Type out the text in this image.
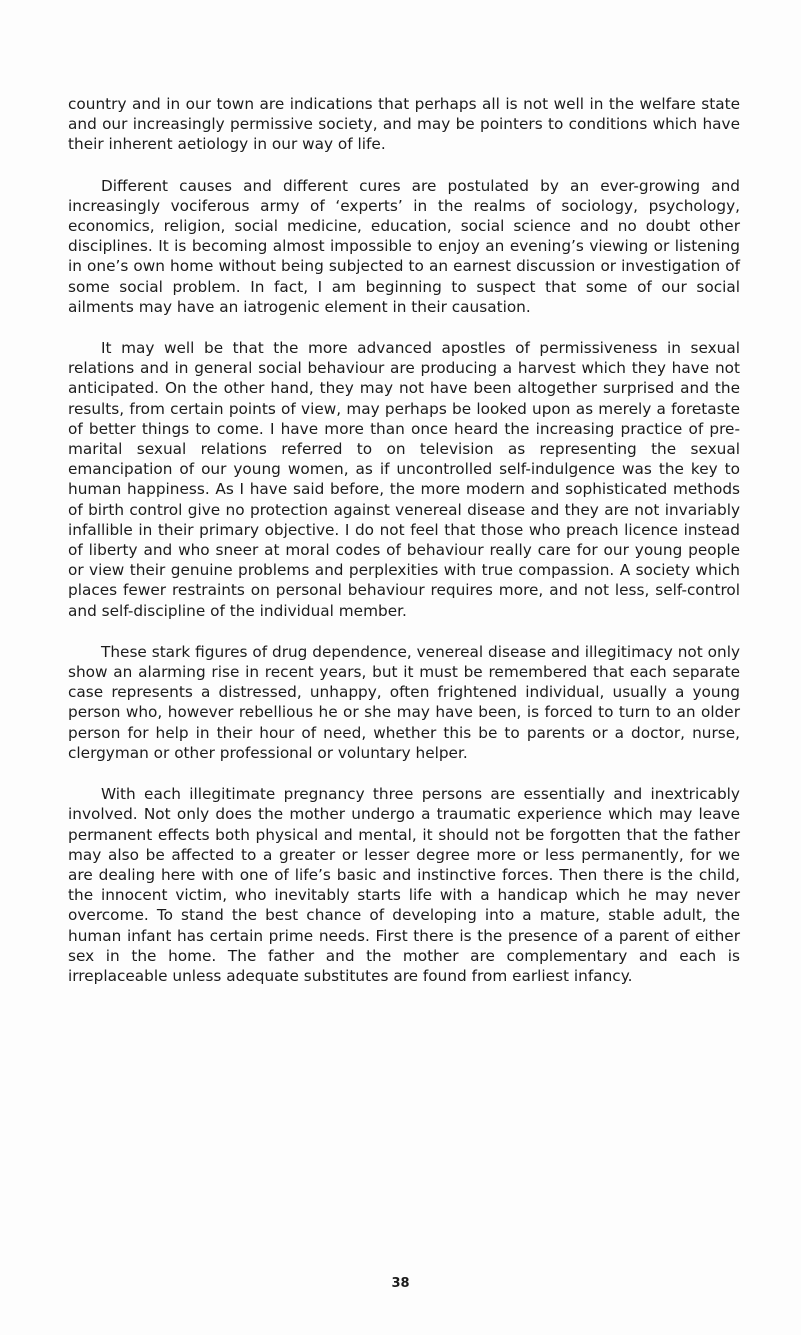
country and in our town are indications that perhaps all is not well in the welfare state and our increasingly permissive society, and may be pointers to conditions which have their inherent aetiology in our way of life.

Different causes and different cures are postulated by an ever-growing and increasingly vociferous army of ‘experts’ in the realms of sociology, psychology, economics, religion, social medicine, education, social science and no doubt other disciplines. It is becoming almost impossible to enjoy an evening’s viewing or listening in one’s own home without being subjected to an earnest discussion or investigation of some social problem. In fact, I am beginning to suspect that some of our social ailments may have an iatrogenic element in their causation.

It may well be that the more advanced apostles of permissiveness in sexual relations and in general social behaviour are producing a harvest which they have not anticipated. On the other hand, they may not have been altogether surprised and the results, from certain points of view, may perhaps be looked upon as merely a foretaste of better things to come. I have more than once heard the increasing practice of pre-marital sexual relations referred to on television as representing the sexual emancipation of our young women, as if uncontrolled self-indulgence was the key to human happiness. As I have said before, the more modern and sophisticated methods of birth control give no protection against venereal disease and they are not invariably infallible in their primary objective. I do not feel that those who preach licence instead of liberty and who sneer at moral codes of behaviour really care for our young people or view their genuine problems and perplexities with true compassion. A society which places fewer restraints on personal behaviour requires more, and not less, self-control and self-discipline of the individual member.

These stark figures of drug dependence, venereal disease and illegitimacy not only show an alarming rise in recent years, but it must be remembered that each separate case represents a distressed, unhappy, often frightened individual, usually a young person who, however rebellious he or she may have been, is forced to turn to an older person for help in their hour of need, whether this be to parents or a doctor, nurse, clergyman or other professional or voluntary helper.

With each illegitimate pregnancy three persons are essentially and inextricably involved. Not only does the mother undergo a traumatic experience which may leave permanent effects both physical and mental, it should not be forgotten that the father may also be affected to a greater or lesser degree more or less permanently, for we are dealing here with one of life’s basic and instinctive forces. Then there is the child, the innocent victim, who inevitably starts life with a handicap which he may never overcome. To stand the best chance of developing into a mature, stable adult, the human infant has certain prime needs. First there is the presence of a parent of either sex in the home. The father and the mother are complementary and each is irreplaceable unless adequate substitutes are found from earliest infancy.

38
